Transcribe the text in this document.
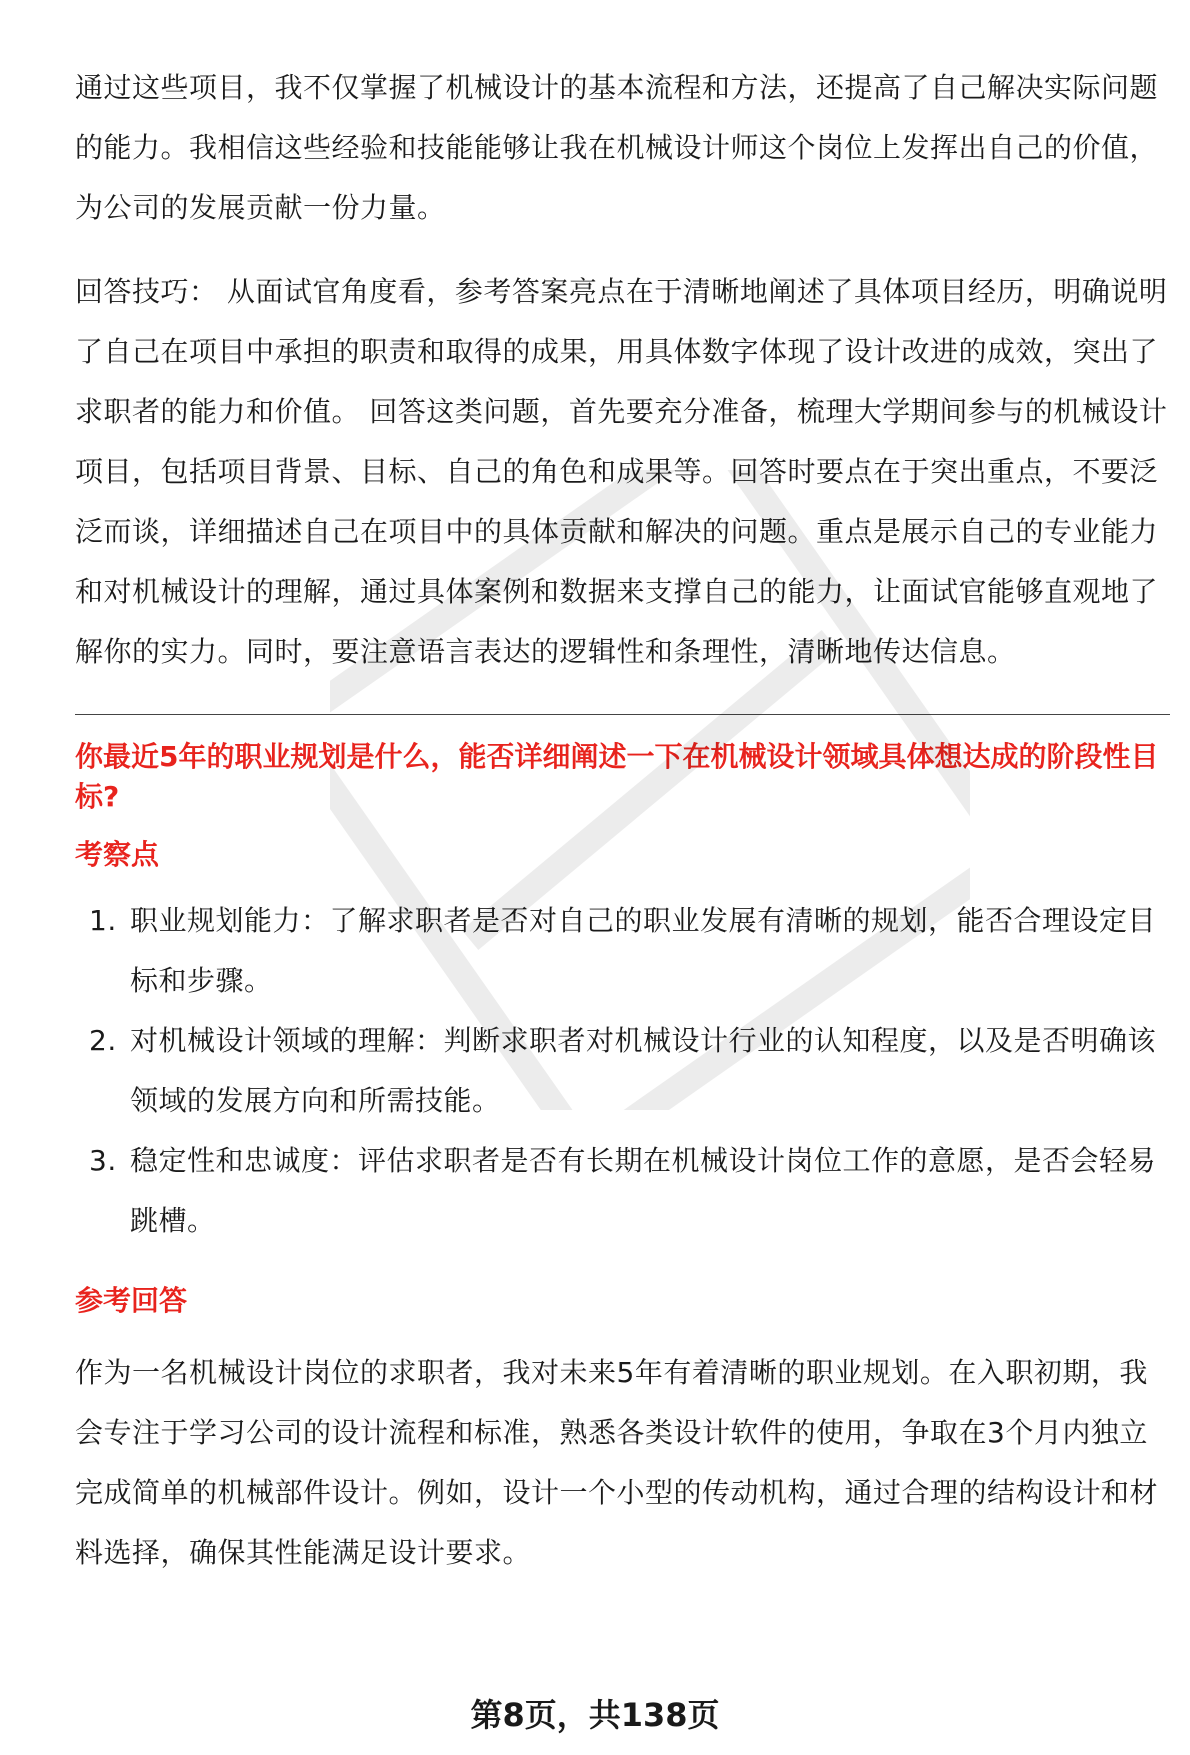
通过这些项目，我不仅掌握了机械设计的基本流程和方法，还提高了自己解决实际问题的能力。我相信这些经验和技能能够让我在机械设计师这个岗位上发挥出自己的价值，为公司的发展贡献一份力量。

回答技巧： 从面试官角度看，参考答案亮点在于清晰地阐述了具体项目经历，明确说明了自己在项目中承担的职责和取得的成果，用具体数字体现了设计改进的成效，突出了求职者的能力和价值。 回答这类问题，首先要充分准备，梳理大学期间参与的机械设计项目，包括项目背景、目标、自己的角色和成果等。回答时要点在于突出重点，不要泛泛而谈，详细描述自己在项目中的具体贡献和解决的问题。重点是展示自己的专业能力和对机械设计的理解，通过具体案例和数据来支撑自己的能力，让面试官能够直观地了解你的实力。同时，要注意语言表达的逻辑性和条理性，清晰地传达信息。

你最近5年的职业规划是什么，能否详细阐述一下在机械设计领域具体想达成的阶段性目标?
考察点
1. 职业规划能力：了解求职者是否对自己的职业发展有清晰的规划，能否合理设定目标和步骤。
2. 对机械设计领域的理解：判断求职者对机械设计行业的认知程度，以及是否明确该领域的发展方向和所需技能。
3. 稳定性和忠诚度：评估求职者是否有长期在机械设计岗位工作的意愿，是否会轻易跳槽。
参考回答

作为一名机械设计岗位的求职者，我对未来5年有着清晰的职业规划。在入职初期，我会专注于学习公司的设计流程和标准，熟悉各类设计软件的使用，争取在3个月内独立完成简单的机械部件设计。例如，设计一个小型的传动机构，通过合理的结构设计和材料选择，确保其性能满足设计要求。

第8页，共138页
